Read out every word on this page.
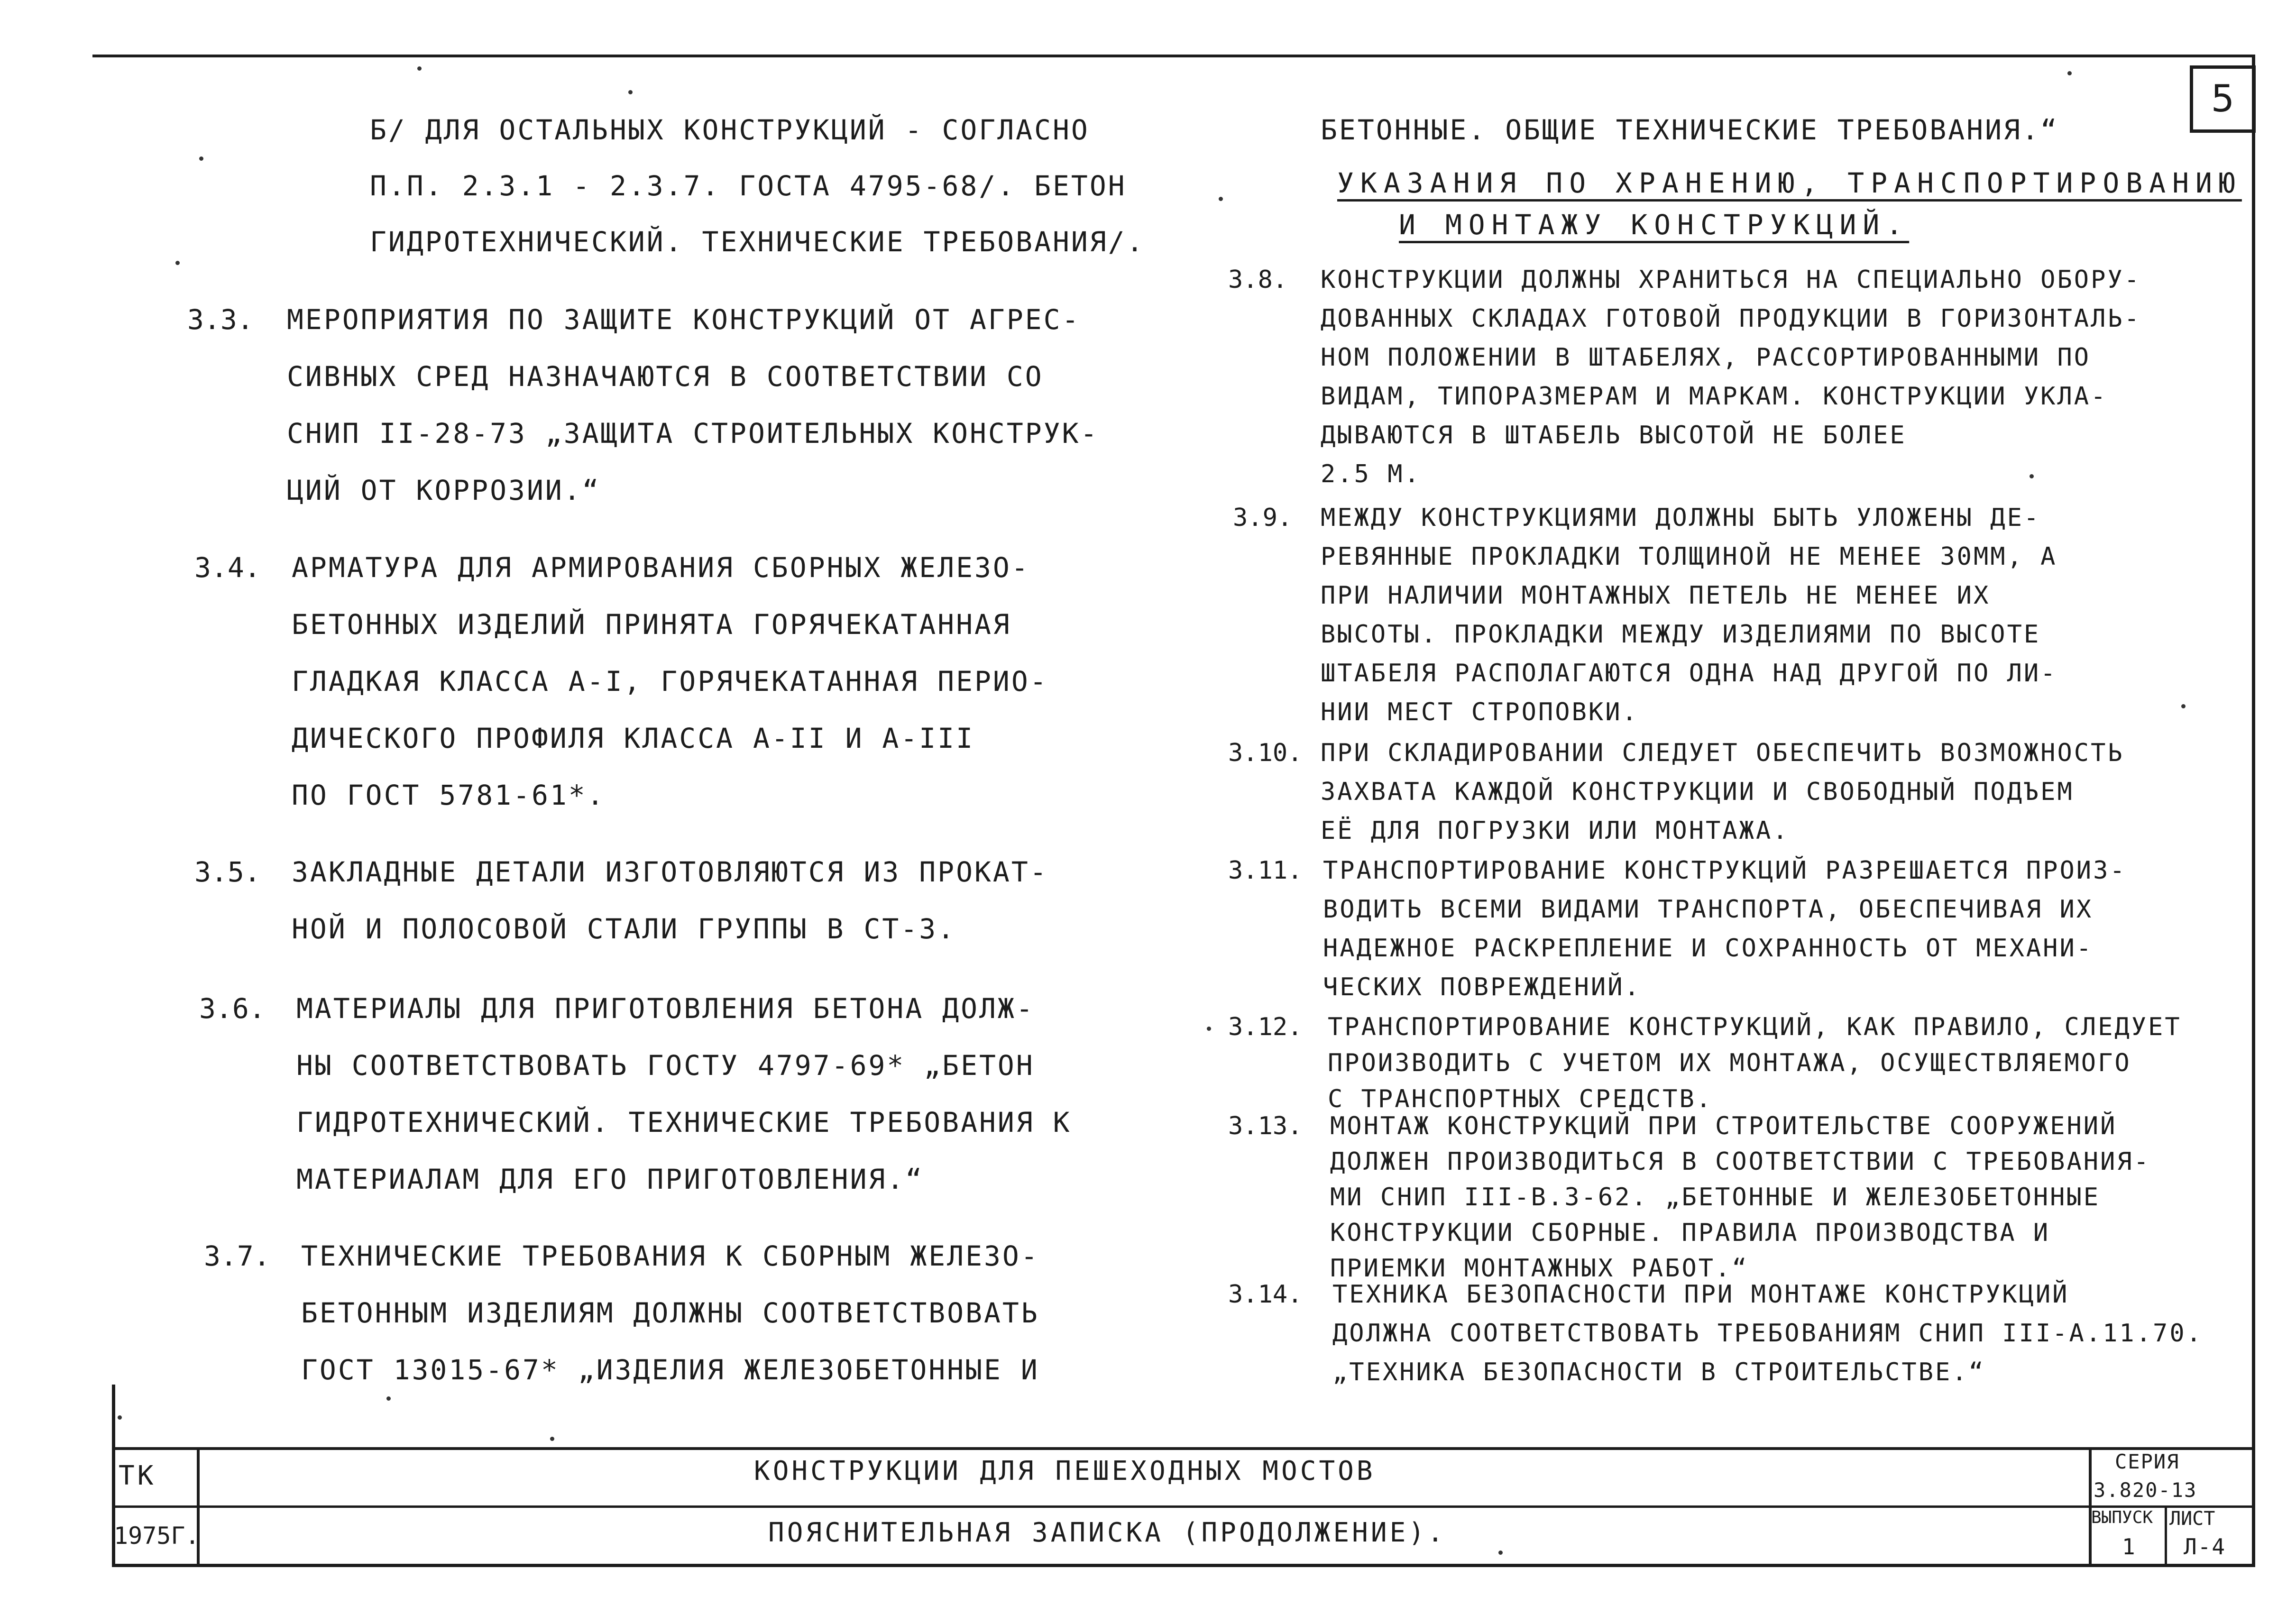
5
Б/ ДЛЯ ОСТАЛЬНЫХ КОНСТРУКЦИЙ - СОГЛАСНО
П.П. 2.3.1 - 2.3.7. ГОСТА 4795-68/. БЕТОН
ГИДРОТЕХНИЧЕСКИЙ. ТЕХНИЧЕСКИЕ ТРЕБОВАНИЯ/.
3.3. МЕРОПРИЯТИЯ ПО ЗАЩИТЕ КОНСТРУКЦИЙ ОТ АГРЕС-
СИВНЫХ СРЕД НАЗНАЧАЮТСЯ В СООТВЕТСТВИИ СО
СНИП II-28-73 „ЗАЩИТА СТРОИТЕЛЬНЫХ КОНСТРУК-
ЦИЙ ОТ КОРРОЗИИ.“
3.4. АРМАТУРА ДЛЯ АРМИРОВАНИЯ СБОРНЫХ ЖЕЛЕЗО-
БЕТОННЫХ ИЗДЕЛИЙ ПРИНЯТА ГОРЯЧЕКАТАННАЯ
ГЛАДКАЯ КЛАССА A-I, ГОРЯЧЕКАТАННАЯ ПЕРИО-
ДИЧЕСКОГО ПРОФИЛЯ КЛАССА A-II И A-III
ПО ГОСТ 5781-61*.
3.5. ЗАКЛАДНЫЕ ДЕТАЛИ ИЗГОТОВЛЯЮТСЯ ИЗ ПРОКАТ-
НОЙ И ПОЛОСОВОЙ СТАЛИ ГРУППЫ В СТ-3.
3.6. МАТЕРИАЛЫ ДЛЯ ПРИГОТОВЛЕНИЯ БЕТОНА ДОЛЖ-
НЫ СООТВЕТСТВОВАТЬ ГОСТУ 4797-69* „БЕТОН
ГИДРОТЕХНИЧЕСКИЙ. ТЕХНИЧЕСКИЕ ТРЕБОВАНИЯ К
МАТЕРИАЛАМ ДЛЯ ЕГО ПРИГОТОВЛЕНИЯ.“
3.7. ТЕХНИЧЕСКИЕ ТРЕБОВАНИЯ К СБОРНЫМ ЖЕЛЕЗО-
БЕТОННЫМ ИЗДЕЛИЯМ ДОЛЖНЫ СООТВЕТСТВОВАТЬ
ГОСТ 13015-67* „ИЗДЕЛИЯ ЖЕЛЕЗОБЕТОННЫЕ И
БЕТОННЫЕ. ОБЩИЕ ТЕХНИЧЕСКИЕ ТРЕБОВАНИЯ.“
УКАЗАНИЯ ПО ХРАНЕНИЮ, ТРАНСПОРТИРОВАНИЮ
И МОНТАЖУ КОНСТРУКЦИЙ.
3.8. КОНСТРУКЦИИ ДОЛЖНЫ ХРАНИТЬСЯ НА СПЕЦИАЛЬНО ОБОРУ-
ДОВАННЫХ СКЛАДАХ ГОТОВОЙ ПРОДУКЦИИ В ГОРИЗОНТАЛЬ-
НОМ ПОЛОЖЕНИИ В ШТАБЕЛЯХ, РАССОРТИРОВАННЫМИ ПО
ВИДАМ, ТИПОРАЗМЕРАМ И МАРКАМ. КОНСТРУКЦИИ УКЛА-
ДЫВАЮТСЯ В ШТАБЕЛЬ ВЫСОТОЙ НЕ БОЛЕЕ
2.5 М.
3.9. МЕЖДУ КОНСТРУКЦИЯМИ ДОЛЖНЫ БЫТЬ УЛОЖЕНЫ ДЕ-
РЕВЯННЫЕ ПРОКЛАДКИ ТОЛЩИНОЙ НЕ МЕНЕЕ 30ММ, А
ПРИ НАЛИЧИИ МОНТАЖНЫХ ПЕТЕЛЬ НЕ МЕНЕЕ ИХ
ВЫСОТЫ. ПРОКЛАДКИ МЕЖДУ ИЗДЕЛИЯМИ ПО ВЫСОТЕ
ШТАБЕЛЯ РАСПОЛАГАЮТСЯ ОДНА НАД ДРУГОЙ ПО ЛИ-
НИИ МЕСТ СТРОПОВКИ.
3.10. ПРИ СКЛАДИРОВАНИИ СЛЕДУЕТ ОБЕСПЕЧИТЬ ВОЗМОЖНОСТЬ
ЗАХВАТА КАЖДОЙ КОНСТРУКЦИИ И СВОБОДНЫЙ ПОДЪЕМ
ЕЁ ДЛЯ ПОГРУЗКИ ИЛИ МОНТАЖА.
3.11. ТРАНСПОРТИРОВАНИЕ КОНСТРУКЦИЙ РАЗРЕШАЕТСЯ ПРОИЗ-
ВОДИТЬ ВСЕМИ ВИДАМИ ТРАНСПОРТА, ОБЕСПЕЧИВАЯ ИХ
НАДЕЖНОЕ РАСКРЕПЛЕНИЕ И СОХРАННОСТЬ ОТ МЕХАНИ-
ЧЕСКИХ ПОВРЕЖДЕНИЙ.
3.12. ТРАНСПОРТИРОВАНИЕ КОНСТРУКЦИЙ, КАК ПРАВИЛО, СЛЕДУЕТ
ПРОИЗВОДИТЬ С УЧЕТОМ ИХ МОНТАЖА, ОСУЩЕСТВЛЯЕМОГО
С ТРАНСПОРТНЫХ СРЕДСТВ.
3.13. МОНТАЖ КОНСТРУКЦИЙ ПРИ СТРОИТЕЛЬСТВЕ СООРУЖЕНИЙ
ДОЛЖЕН ПРОИЗВОДИТЬСЯ В СООТВЕТСТВИИ С ТРЕБОВАНИЯ-
МИ СНИП III-В.3-62. „БЕТОННЫЕ И ЖЕЛЕЗОБЕТОННЫЕ
КОНСТРУКЦИИ СБОРНЫЕ. ПРАВИЛА ПРОИЗВОДСТВА И
ПРИЕМКИ МОНТАЖНЫХ РАБОТ.“
3.14. ТЕХНИКА БЕЗОПАСНОСТИ ПРИ МОНТАЖЕ КОНСТРУКЦИЙ
ДОЛЖНА СООТВЕТСТВОВАТЬ ТРЕБОВАНИЯМ СНИП III-А.11.70.
„ТЕХНИКА БЕЗОПАСНОСТИ В СТРОИТЕЛЬСТВЕ.“
ТК
1975Г.
КОНСТРУКЦИИ ДЛЯ ПЕШЕХОДНЫХ МОСТОВ
ПОЯСНИТЕЛЬНАЯ ЗАПИСКА (ПРОДОЛЖЕНИЕ).
СЕРИЯ
3.820-13
ВЫПУСК
1
ЛИСТ
Л-4
